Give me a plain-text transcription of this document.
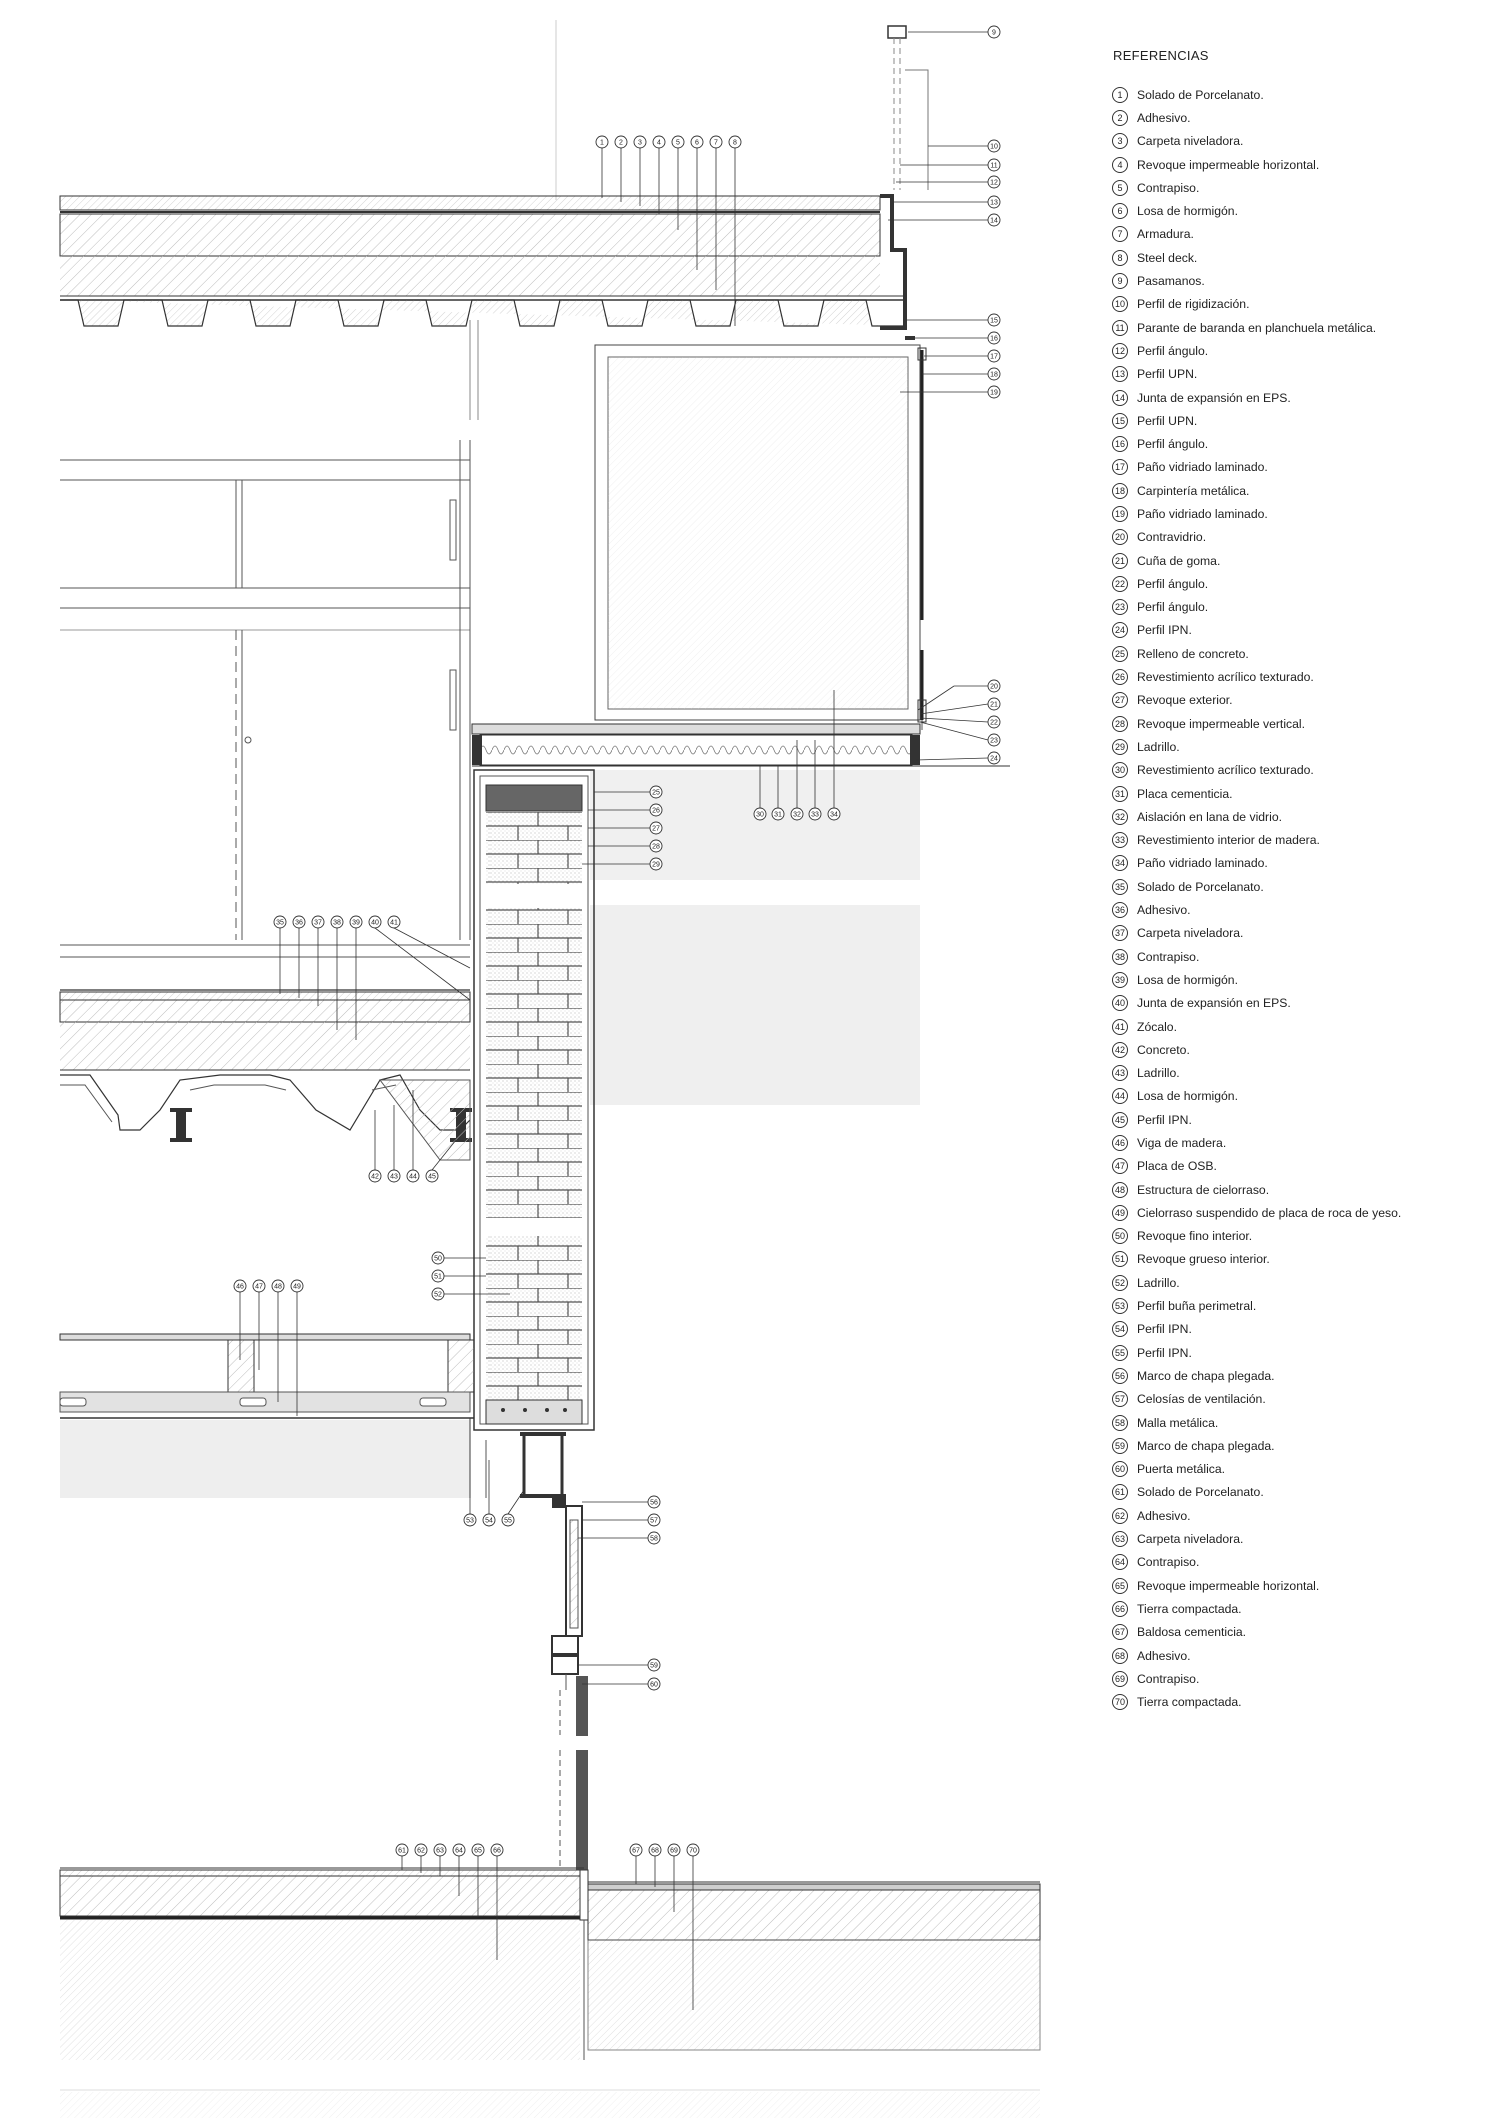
1 2 3 4 5 6 7 8
9
10
11
12
13
14
15
16
17
18
19
20
21
22
23
24
25
26
27
28
29
30 31 32 33 34
35 36 37 38 39 40 41
42 43 44 45
46 47 48 49
50
51
52
53 54 55
56
57
58
59
60
61 62 63 64 65 66	67 68 69 70
REFERENCIAS
1	Solado de Porcelanato.
2	Adhesivo.
3	Carpeta niveladora.
4	Revoque impermeable horizontal.
5	Contrapiso.
6	Losa de hormigón.
7	Armadura.
8	Steel deck.
9	Pasamanos.
10 Perfil de rigidización.
11 Parante de baranda en planchuela metálica.
12 Perfil ángulo.
13 Perfil UPN.
14 Junta de expansión en EPS.
15 Perfil UPN.
16 Perfil ángulo.
17 Paño vidriado laminado.
18 Carpintería metálica.
19 Paño vidriado laminado.
20 Contravidrio.
21 Cuña de goma.
22 Perfil ángulo.
23 Perfil ángulo.
24 Perfil IPN.
25 Relleno de concreto.
26 Revestimiento acrílico texturado.
27 Revoque exterior.
28 Revoque impermeable vertical.
29 Ladrillo.
30 Revestimiento acrílico texturado.
31 Placa cementicia.
32 Aislación en lana de vidrio.
33 Revestimiento interior de madera.
34 Paño vidriado laminado.
35 Solado de Porcelanato.
36 Adhesivo.
37 Carpeta niveladora.
38 Contrapiso.
39 Losa de hormigón.
40 Junta de expansión en EPS.
41 Zócalo.
42 Concreto.
43 Ladrillo.
44 Losa de hormigón.
45 Perfil IPN.
46 Viga de madera.
47 Placa de OSB.
48 Estructura de cielorraso.
49 Cielorraso suspendido de placa de roca de yeso.
50 Revoque fino interior.
51 Revoque grueso interior.
52 Ladrillo.
53 Perfil buña perimetral.
54 Perfil IPN.
55 Perfil IPN.
56 Marco de chapa plegada.
57 Celosías de ventilación.
58 Malla metálica.
59 Marco de chapa plegada.
60 Puerta metálica.
61 Solado de Porcelanato.
62 Adhesivo.
63 Carpeta niveladora.
64 Contrapiso.
65 Revoque impermeable horizontal.
66 Tierra compactada.
67 Baldosa cementicia.
68 Adhesivo.
69 Contrapiso.
70 Tierra compactada.
